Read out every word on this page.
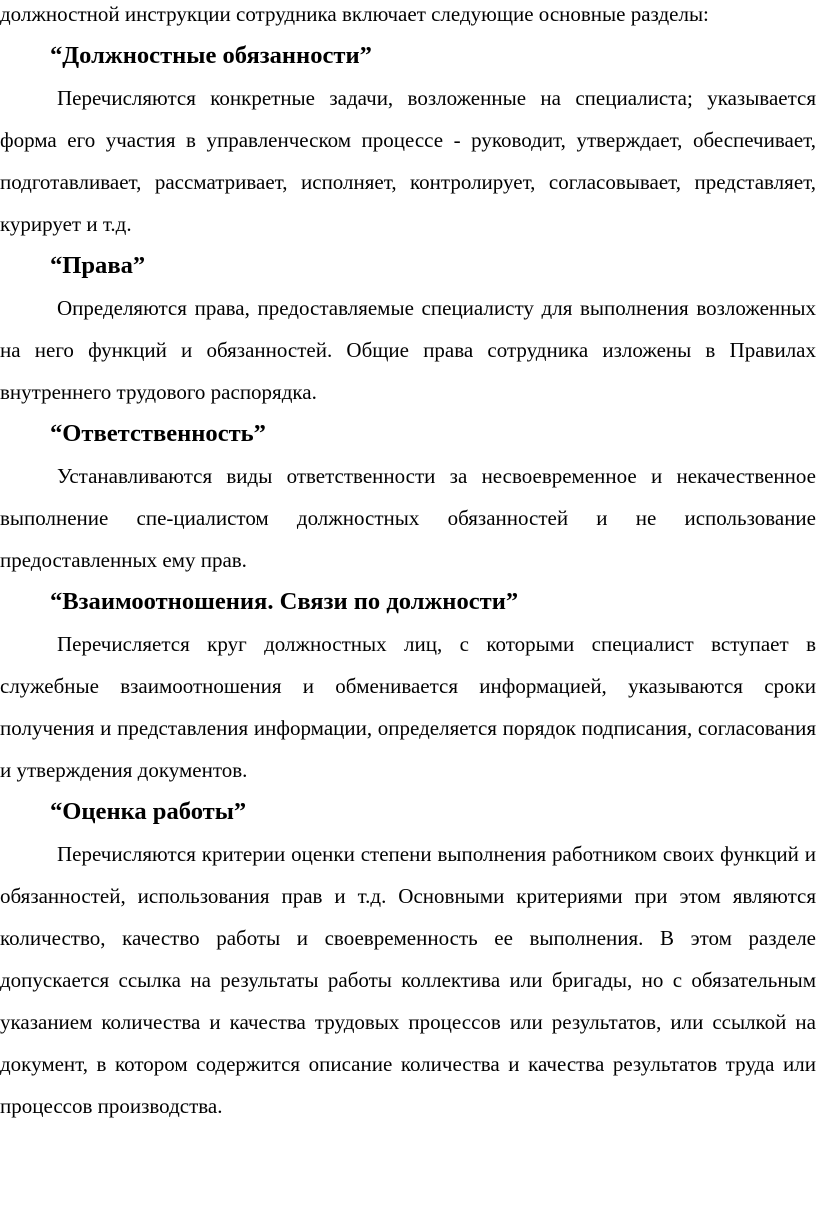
должностной инструкции сотрудника включает следующие основные разделы:

“Должностные обязанности”

Перечисляются конкретные задачи, возложенные на специалиста; указывается форма его участия в управленческом процессе - руководит, утверждает, обеспечивает, подготавливает, рассматривает, исполняет, контролирует, согласовывает, представляет, курирует и т.д.

“Права”

Определяются права, предоставляемые специалисту для выполнения возложенных на него функций и обязанностей. Общие права сотрудника изложены в Правилах внутреннего трудового распорядка.

“Ответственность”

Устанавливаются виды ответственности за несвоевременное и некачественное выполнение спе-циалистом должностных обязанностей и не использование предоставленных ему прав.

“Взаимоотношения. Связи по должности”

Перечисляется круг должностных лиц, с которыми специалист вступает в служебные взаимоотношения и обменивается информацией, указываются сроки получения и представления информации, определяется порядок подписания, согласования и утверждения документов.

“Оценка работы”

Перечисляются критерии оценки степени выполнения работником своих функций и обязанностей, использования прав и т.д. Основными критериями при этом являются количество, качество работы и своевременность ее выполнения. В этом разделе допускается ссылка на результаты работы коллектива или бригады, но с обязательным указанием количества и качества трудовых процессов или результатов, или ссылкой на документ, в котором содержится описание количества и качества результатов труда или процессов производства.
